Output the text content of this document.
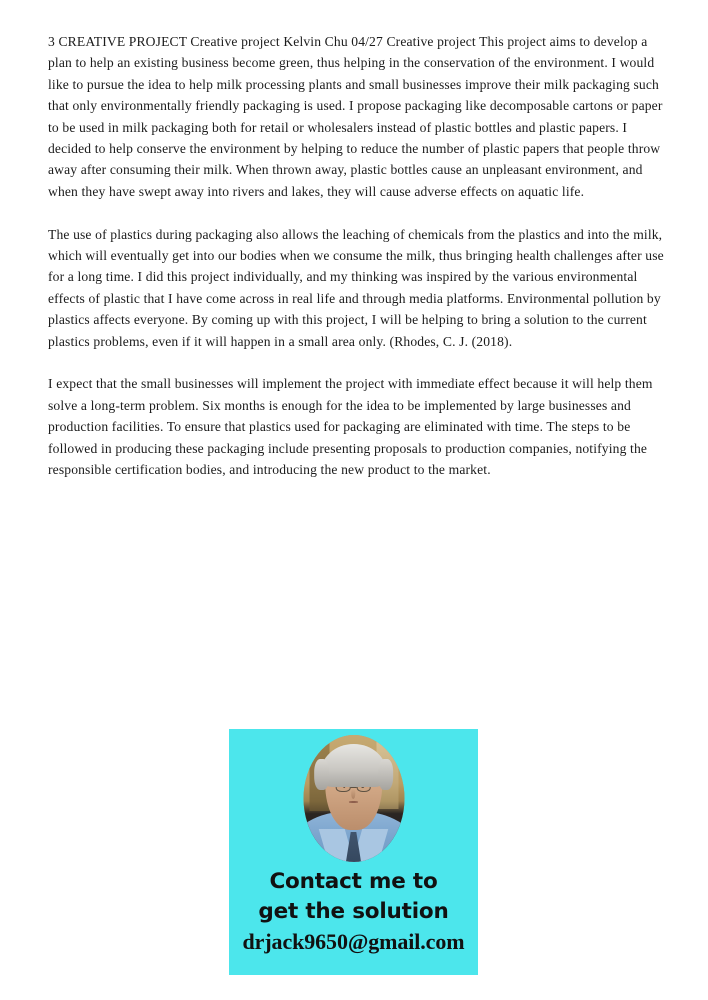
3 CREATIVE PROJECT Creative project Kelvin Chu 04/27 Creative project This project aims to develop a plan to help an existing business become green, thus helping in the conservation of the environment. I would like to pursue the idea to help milk processing plants and small businesses improve their milk packaging such that only environmentally friendly packaging is used. I propose packaging like decomposable cartons or paper to be used in milk packaging both for retail or wholesalers instead of plastic bottles and plastic papers. I decided to help conserve the environment by helping to reduce the number of plastic papers that people throw away after consuming their milk. When thrown away, plastic bottles cause an unpleasant environment, and when they have swept away into rivers and lakes, they will cause adverse effects on aquatic life.

The use of plastics during packaging also allows the leaching of chemicals from the plastics and into the milk, which will eventually get into our bodies when we consume the milk, thus bringing health challenges after use for a long time. I did this project individually, and my thinking was inspired by the various environmental effects of plastic that I have come across in real life and through media platforms. Environmental pollution by plastics affects everyone. By coming up with this project, I will be helping to bring a solution to the current plastics problems, even if it will happen in a small area only. (Rhodes, C. J. (2018).

I expect that the small businesses will implement the project with immediate effect because it will help them solve a long-term problem. Six months is enough for the idea to be implemented by large businesses and production facilities. To ensure that plastics used for packaging are eliminated with time. The steps to be followed in producing these packaging include presenting proposals to production companies, notifying the responsible certification bodies, and introducing the new product to the market.

Contact me to
get the solution
drjack9650@gmail.com
